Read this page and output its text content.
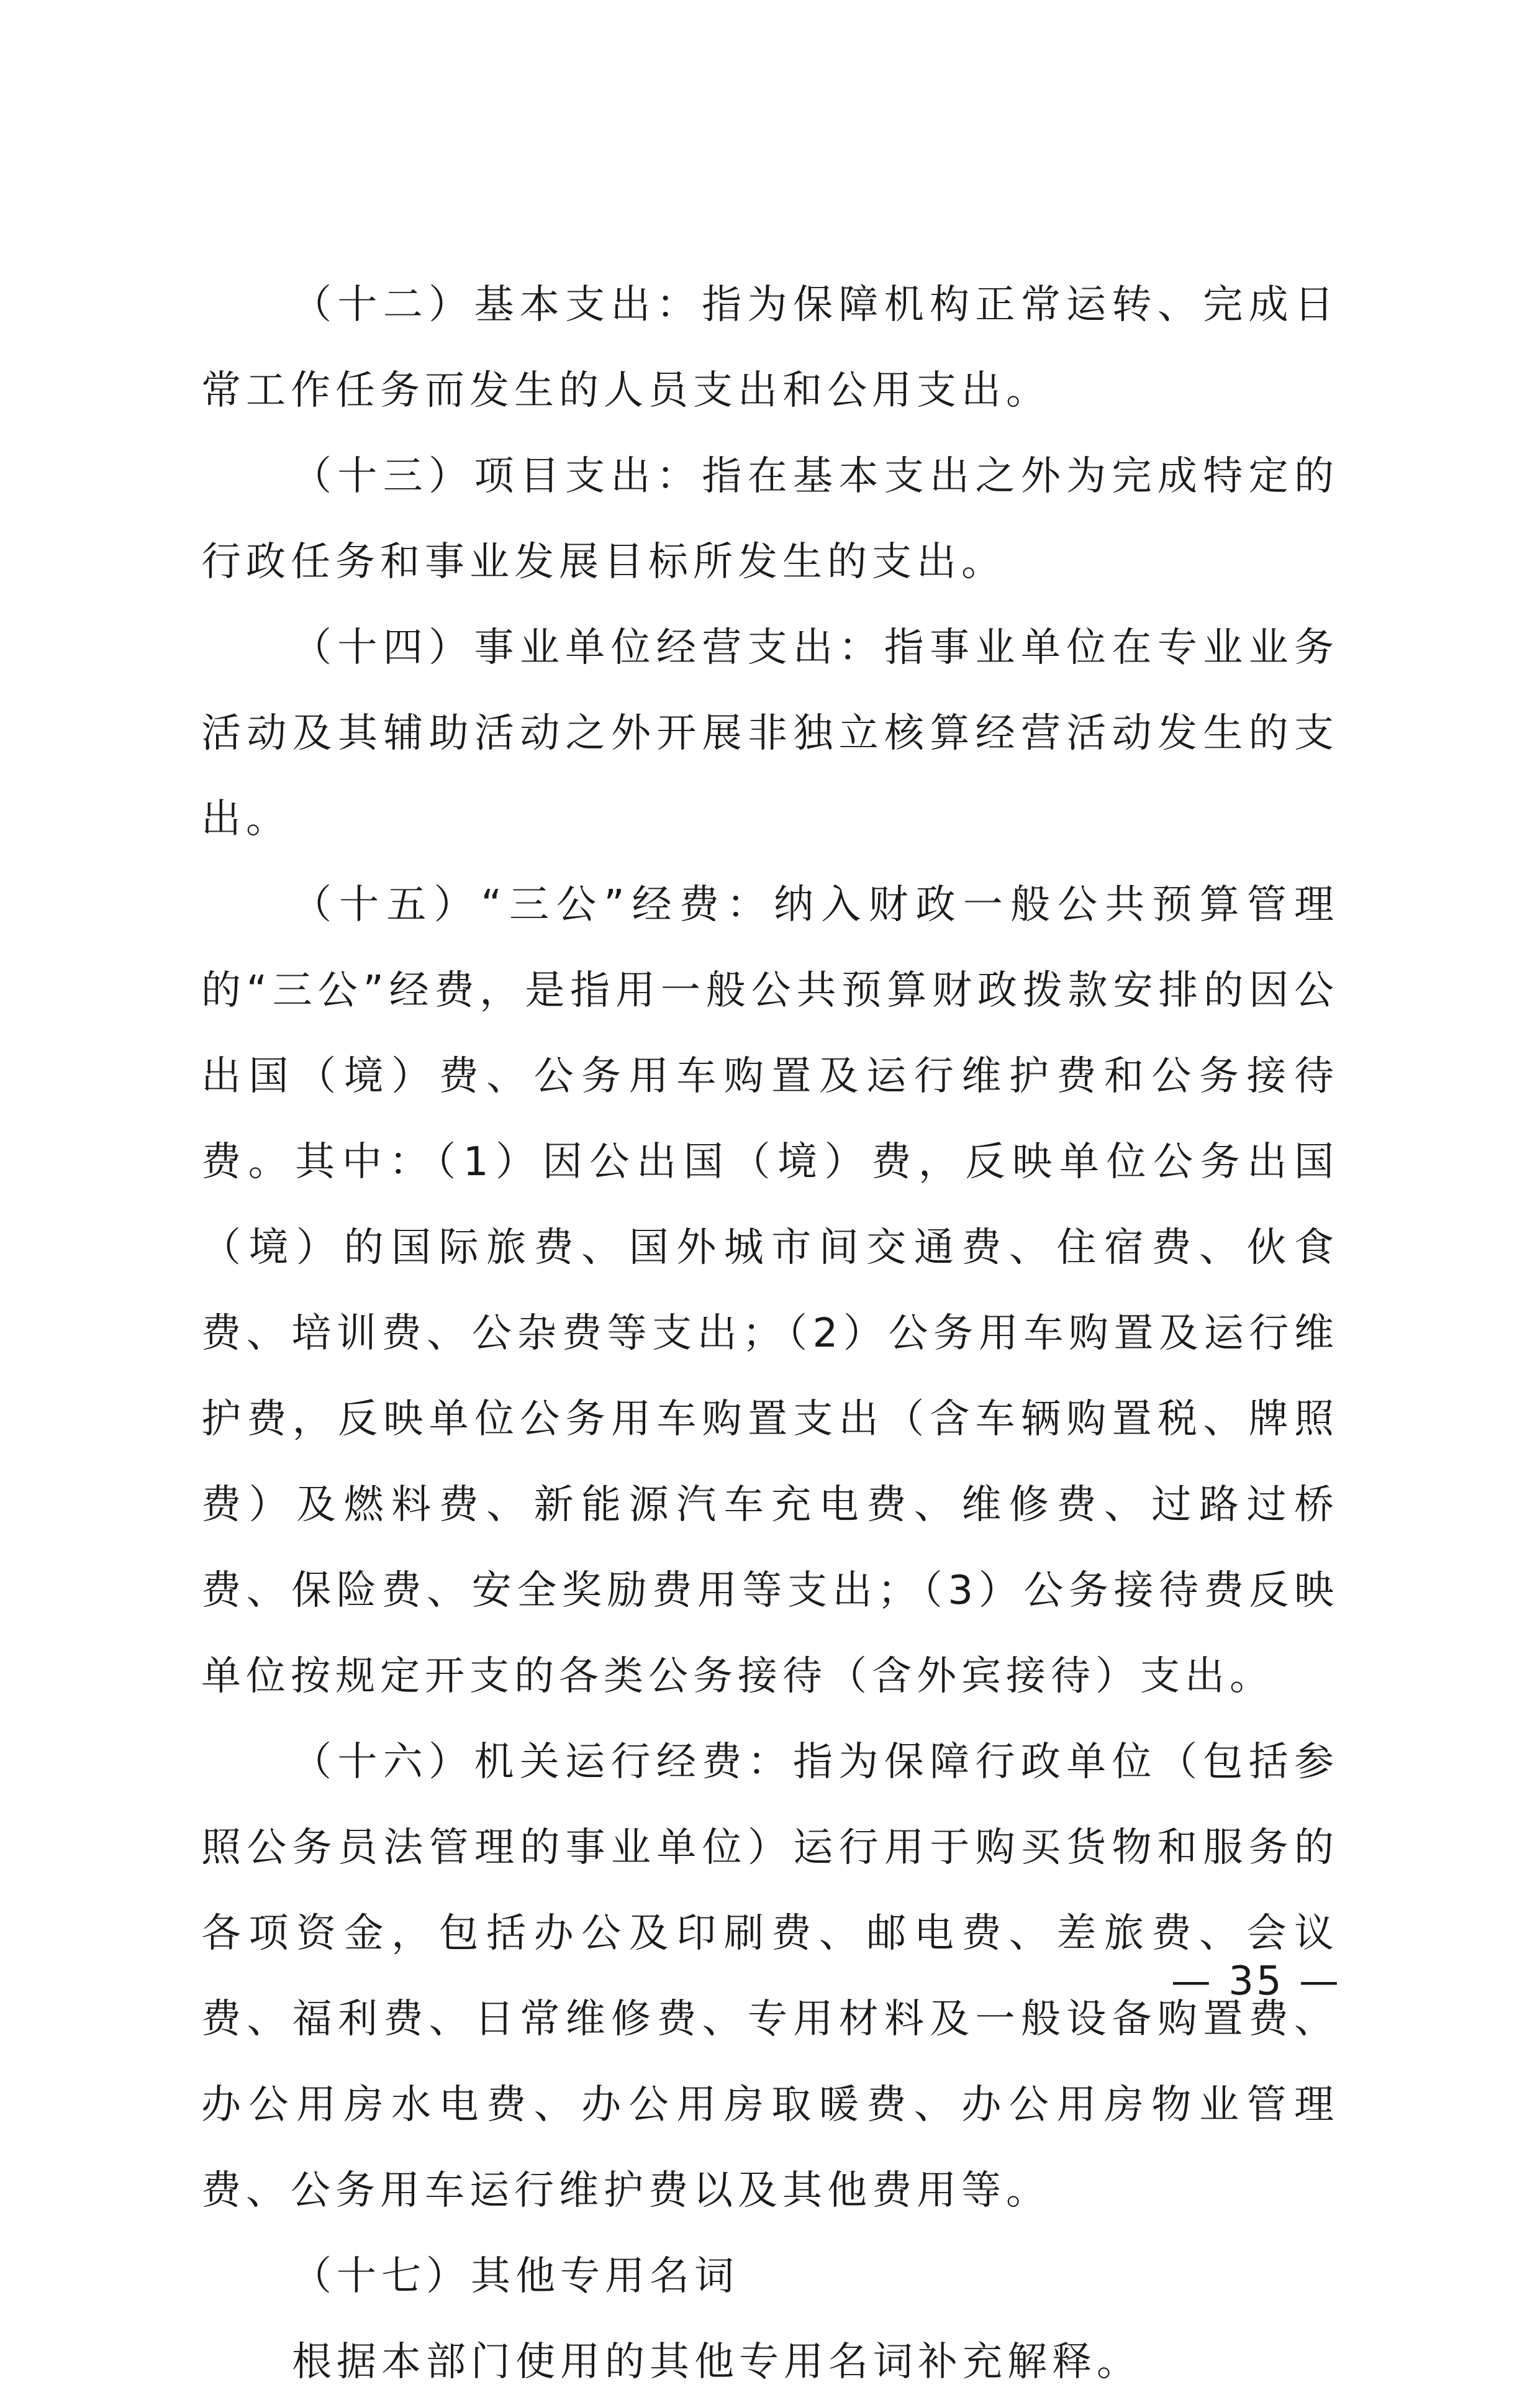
（十二）基本支出：指为保障机构正常运转、完成日常工作任务而发生的人员支出和公用支出。

（十三）项目支出：指在基本支出之外为完成特定的行政任务和事业发展目标所发生的支出。

（十四）事业单位经营支出：指事业单位在专业业务活动及其辅助活动之外开展非独立核算经营活动发生的支出。

（十五）“三公”经费：纳入财政一般公共预算管理的“三公”经费，是指用一般公共预算财政拨款安排的因公出国（境）费、公务用车购置及运行维护费和公务接待费。其中：（1）因公出国（境）费，反映单位公务出国（境）的国际旅费、国外城市间交通费、住宿费、伙食费、培训费、公杂费等支出；（2）公务用车购置及运行维护费，反映单位公务用车购置支出（含车辆购置税、牌照费）及燃料费、新能源汽车充电费、维修费、过路过桥费、保险费、安全奖励费用等支出；（3）公务接待费反映单位按规定开支的各类公务接待（含外宾接待）支出。

（十六）机关运行经费：指为保障行政单位（包括参照公务员法管理的事业单位）运行用于购买货物和服务的各项资金，包括办公及印刷费、邮电费、差旅费、会议费、福利费、日常维修费、专用材料及一般设备购置费、办公用房水电费、办公用房取暖费、办公用房物业管理费、公务用车运行维护费以及其他费用等。

（十七）其他专用名词

根据本部门使用的其他专用名词补充解释。

— 35 —
